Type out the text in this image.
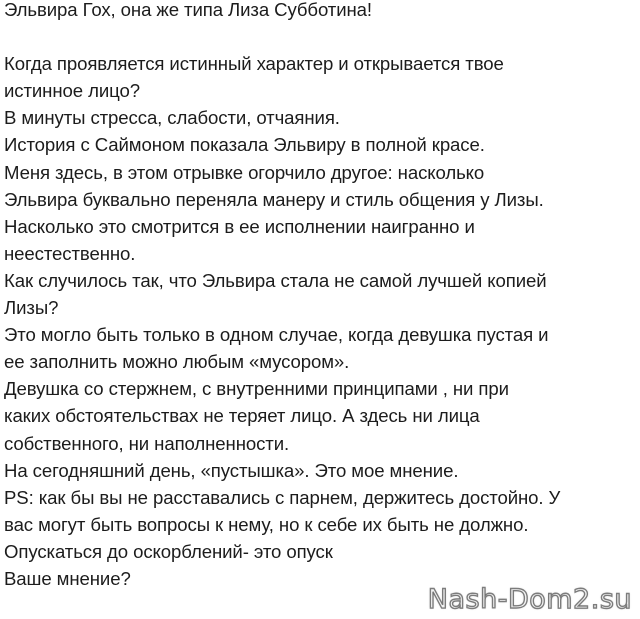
Эльвира Гох, она же типа Лиза Субботина!
Когда проявляется истинный характер и открывается твое
истинное лицо?
В минуты стресса, слабости, отчаяния.
История с Саймоном показала Эльвиру в полной красе.
Меня здесь, в этом отрывке огорчило другое: насколько
Эльвира буквально переняла манеру и стиль общения у Лизы.
Насколько это смотрится в ее исполнении наигранно и
неестественно.
Как случилось так, что Эльвира стала не самой лучшей копией
Лизы?
Это могло быть только в одном случае, когда девушка пустая и
ее заполнить можно любым «мусором».
Девушка со стержнем, с внутренними принципами , ни при
каких обстоятельствах не теряет лицо. А здесь ни лица
собственного, ни наполненности.
На сегодняшний день, «пустышка». Это мое мнение.
PS: как бы вы не расставались с парнем, держитесь достойно. У
вас могут быть вопросы к нему, но к себе их быть не должно.
Опускаться до оскорблений- это опуск
Ваше мнение?
Nash-Dom2.su
